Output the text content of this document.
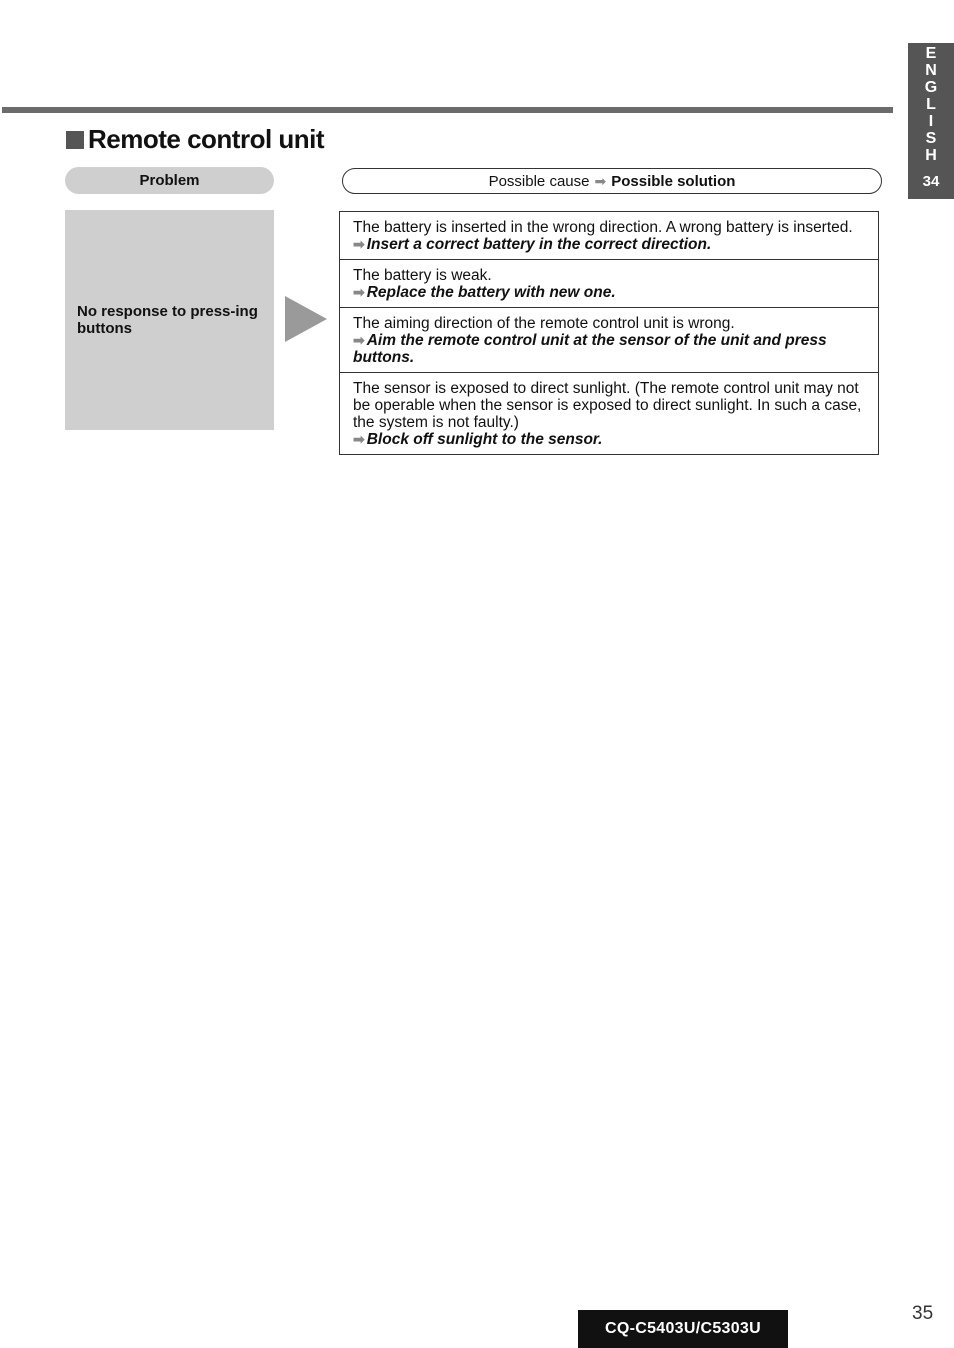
E
N
G
L
I
S
H
34
Remote control unit
Problem	Possible cause ➡ Possible solution
No response to press-ing buttons
The battery is inserted in the wrong direction. A wrong battery is inserted.
➡ Insert a correct battery in the correct direction.
The battery is weak.
➡ Replace the battery with new one.
The aiming direction of the remote control unit is wrong.
➡ Aim the remote control unit at the sensor of the unit and press buttons.
The sensor is exposed to direct sunlight. (The remote control unit may not be operable when the sensor is exposed to direct sunlight. In such a case, the system is not faulty.)
➡ Block off sunlight to the sensor.
35
CQ-C5403U/C5303U
